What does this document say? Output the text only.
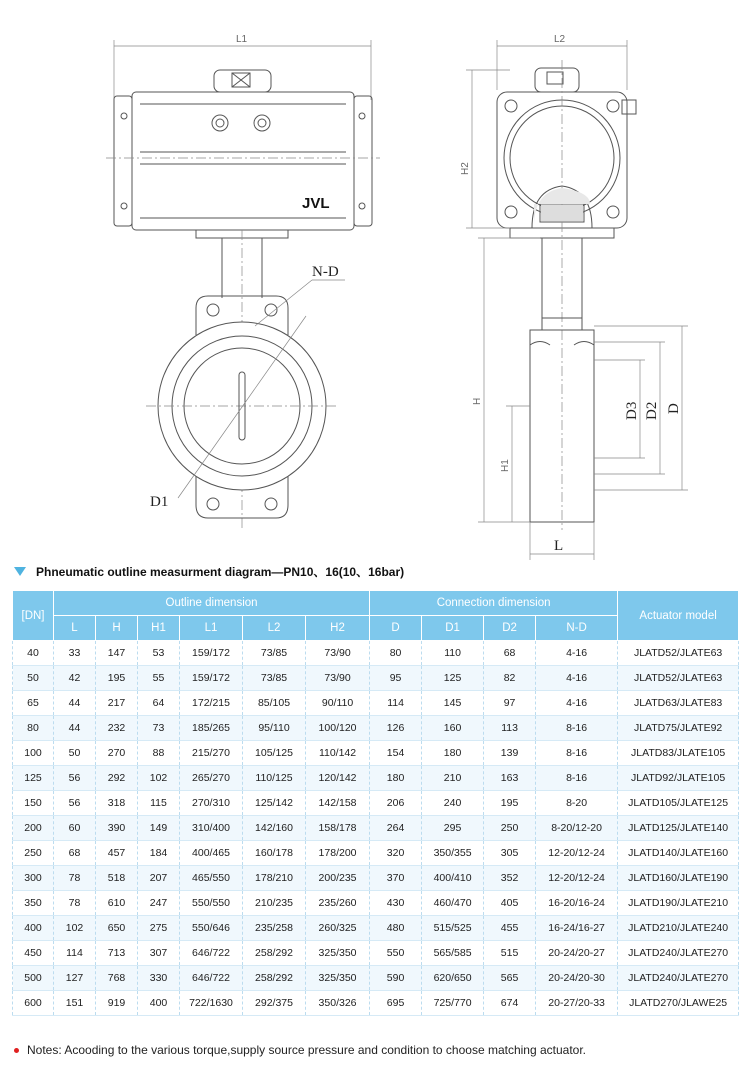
JVL
L1	L2
H2
H
H1
N-D
D1
D3 D2 D
L
Phneumatic outline measurment diagram—PN10、16(10、16bar)
[DN]	Outline dimension						Connection dimension				Actuator model
	L	H	H1	L1	L2	H2	D	D1	D2	N-D	
40	33	147	53	159/172	73/85	73/90	80	110	68	4-16	JLATD52/JLATE63
50	42	195	55	159/172	73/85	73/90	95	125	82	4-16	JLATD52/JLATE63
65	44	217	64	172/215	85/105	90/110	114	145	97	4-16	JLATD63/JLATE83
80	44	232	73	185/265	95/110	100/120	126	160	113	8-16	JLATD75/JLATE92
100	50	270	88	215/270	105/125	110/142	154	180	139	8-16	JLATD83/JLATE105
125	56	292	102	265/270	110/125	120/142	180	210	163	8-16	JLATD92/JLATE105
150	56	318	115	270/310	125/142	142/158	206	240	195	8-20	JLATD105/JLATE125
200	60	390	149	310/400	142/160	158/178	264	295	250	8-20/12-20	JLATD125/JLATE140
250	68	457	184	400/465	160/178	178/200	320	350/355	305	12-20/12-24	JLATD140/JLATE160
300	78	518	207	465/550	178/210	200/235	370	400/410	352	12-20/12-24	JLATD160/JLATE190
350	78	610	247	550/550	210/235	235/260	430	460/470	405	16-20/16-24	JLATD190/JLATE210
400	102	650	275	550/646	235/258	260/325	480	515/525	455	16-24/16-27	JLATD210/JLATE240
450	114	713	307	646/722	258/292	325/350	550	565/585	515	20-24/20-27	JLATD240/JLATE270
500	127	768	330	646/722	258/292	325/350	590	620/650	565	20-24/20-30	JLATD240/JLATE270
600	151	919	400	722/1630	292/375	350/326	695	725/770	674	20-27/20-33	JLATD270/JLAWE25
Notes: Acooding to the various torque,supply source pressure and condition to choose matching actuator.
